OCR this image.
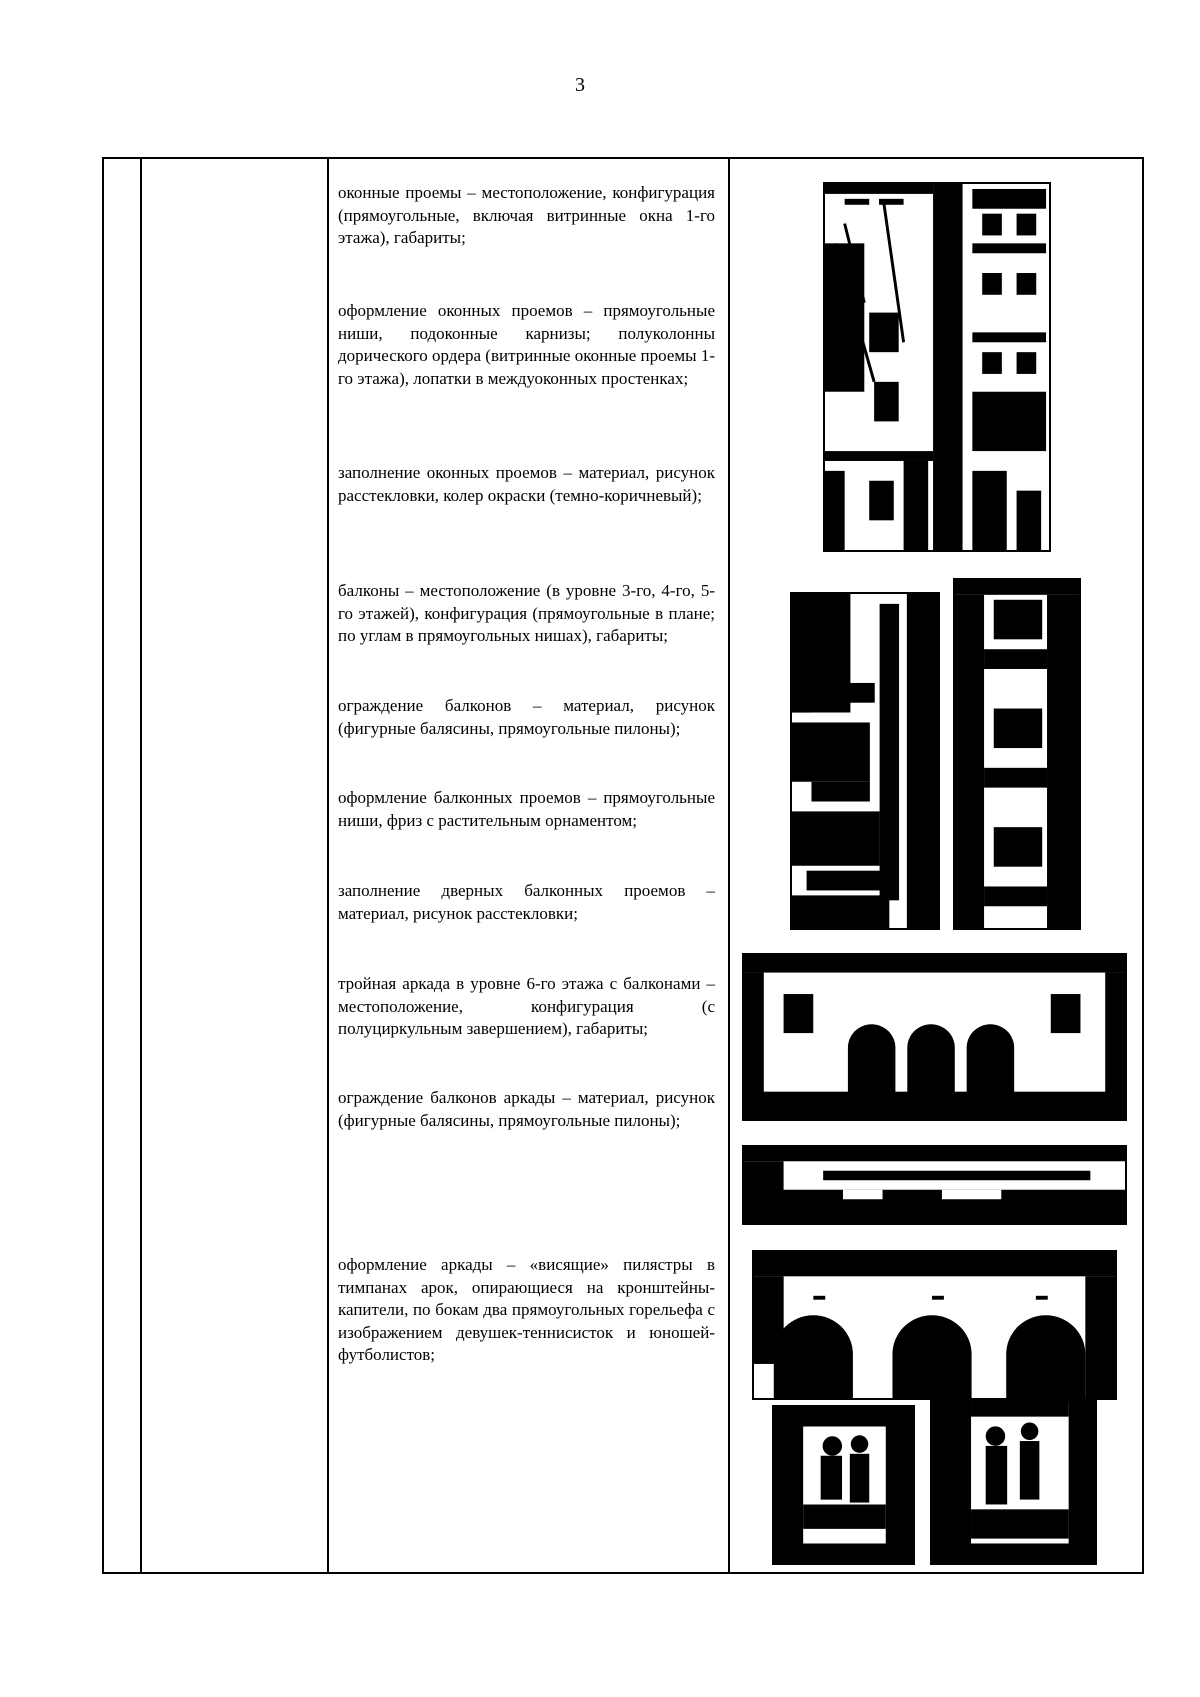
3

оконные проемы – местоположение, конфигурация (прямоугольные, включая витринные окна 1-го этажа), габариты;

оформление оконных проемов – прямоугольные ниши, подоконные карнизы; полуколонны дорического ордера (витринные оконные проемы 1-го этажа), лопатки в междуоконных простенках;

заполнение оконных проемов – материал, рисунок расстекловки, колер окраски (темно-коричневый);

балконы – местоположение (в уровне 3-го, 4-го, 5-го этажей), конфигурация (прямоугольные в плане; по углам в прямоугольных нишах), габариты;

ограждение балконов – материал, рисунок (фигурные балясины, прямоугольные пилоны);

оформление балконных проемов – прямоугольные ниши, фриз с растительным орнаментом;

заполнение дверных балконных проемов – материал, рисунок расстекловки;

тройная аркада в уровне 6-го этажа с балконами – местоположение, конфигурация (с полуциркульным завершением), габариты;

ограждение балконов аркады – материал, рисунок (фигурные балясины, прямоугольные пилоны);

оформление аркады – «висящие» пилястры в тимпанах арок, опирающиеся на кронштейны-капители, по бокам два прямоугольных горельефа с изображением девушек-теннисисток и юношей-футболистов;
